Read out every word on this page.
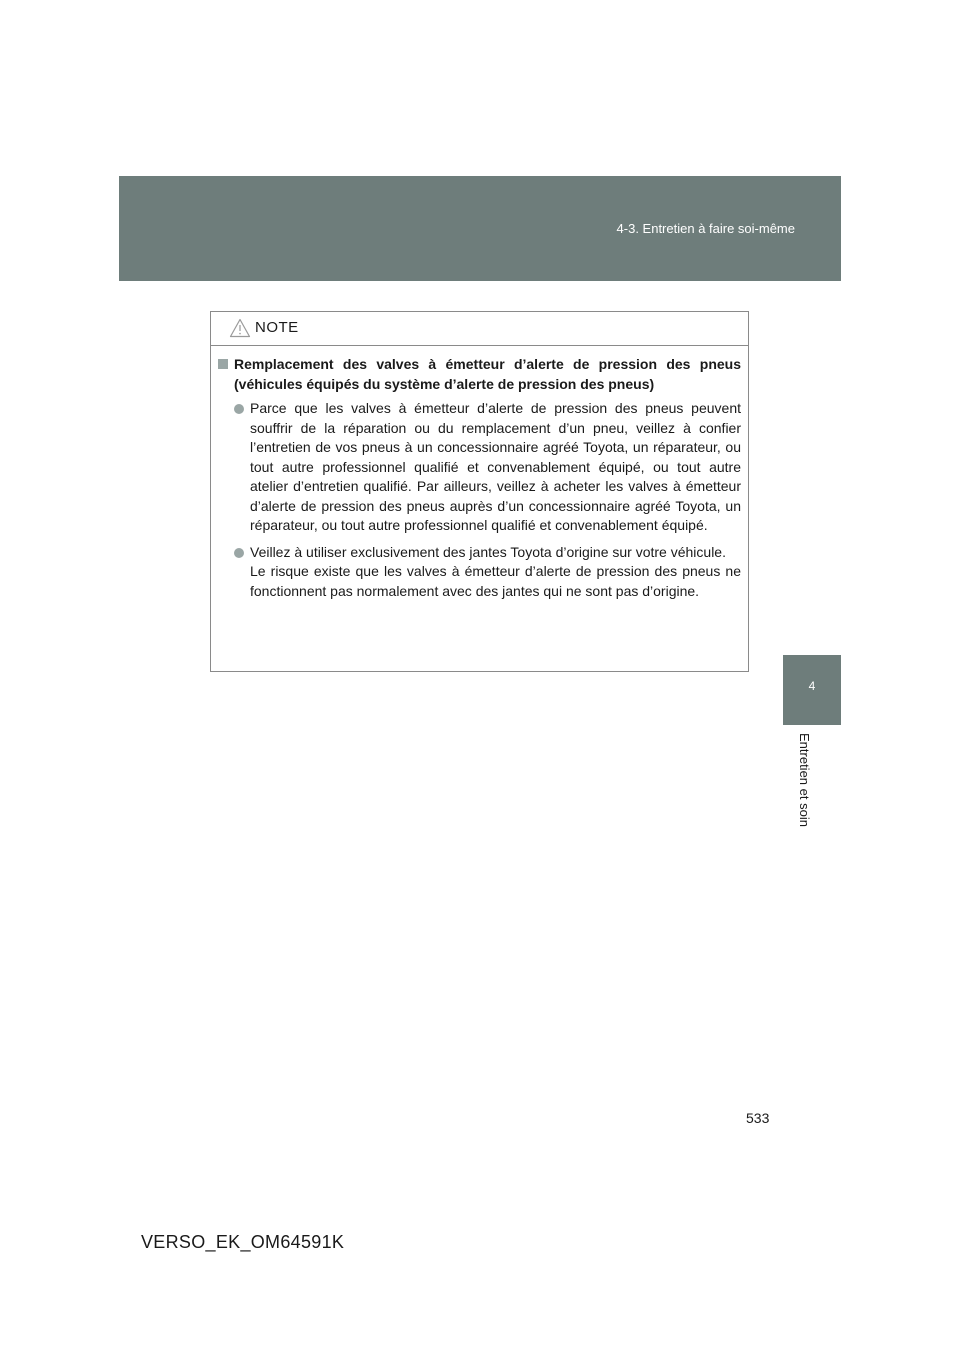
4-3. Entretien à faire soi-même
4
Entretien et soin
NOTE
Remplacement des valves à émetteur d’alerte de pression des pneus (véhicules équipés du système d’alerte de pression des pneus)
Parce que les valves à émetteur d’alerte de pression des pneus peuvent souffrir de la réparation ou du remplacement d’un pneu, veillez à confier l’entretien de vos pneus à un concessionnaire agréé Toyota, un réparateur, ou tout autre professionnel qualifié et convenablement équipé, ou tout autre atelier d’entretien qualifié. Par ailleurs, veillez à acheter les valves à émetteur d’alerte de pression des pneus auprès d’un concessionnaire agréé Toyota, un réparateur, ou tout autre professionnel qualifié et convenablement équipé.
Veillez à utiliser exclusivement des jantes Toyota d’origine sur votre véhicule.
Le risque existe que les valves à émetteur d’alerte de pression des pneus ne fonctionnent pas normalement avec des jantes qui ne sont pas d’origine.
533
VERSO_EK_OM64591K
